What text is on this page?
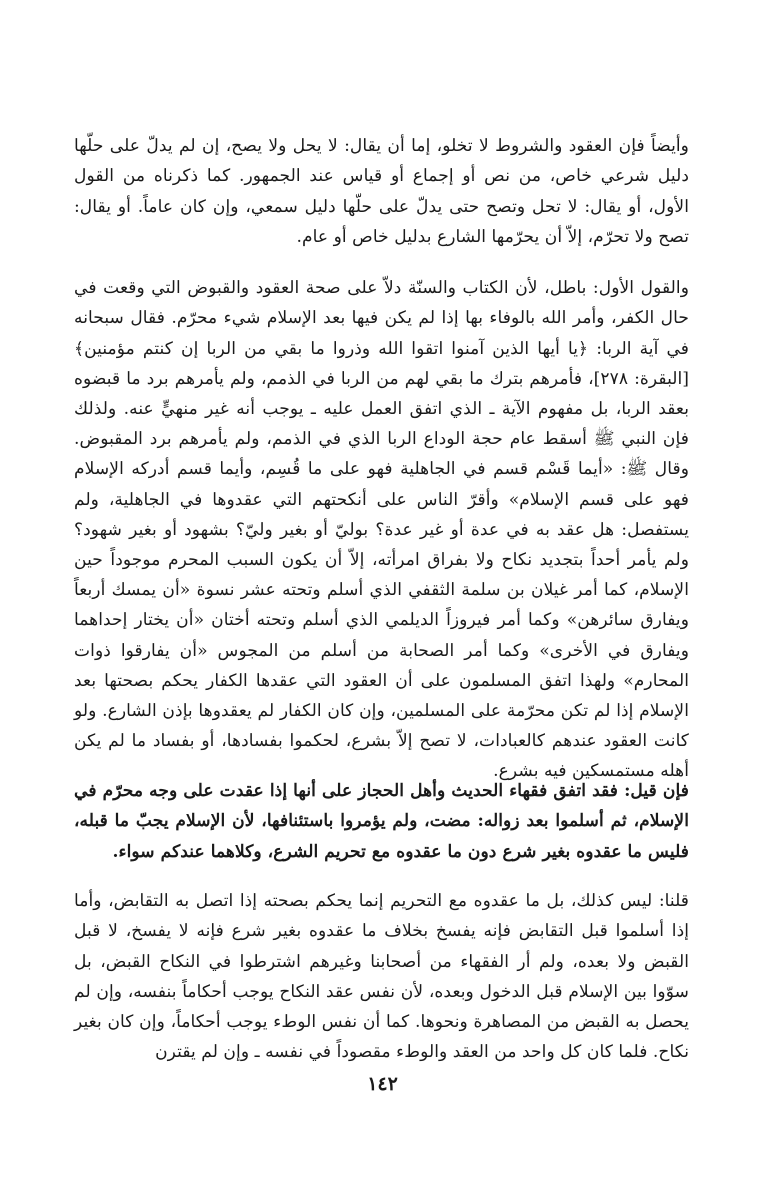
وأيضاً فإن العقود والشروط لا تخلو، إما أن يقال: لا يحل ولا يصح، إن لم يدلّ على حلّها دليل شرعي خاص، من نص أو إجماع أو قياس عند الجمهور. كما ذكرناه من القول الأول، أو يقال: لا تحل وتصح حتى يدلّ على حلّها دليل سمعي، وإن كان عاماً. أو يقال: تصح ولا تحرّم، إلاّ أن يحرّمها الشارع بدليل خاص أو عام.

والقول الأول: باطل، لأن الكتاب والسنّة دلاّ على صحة العقود والقبوض التي وقعت في حال الكفر، وأمر الله بالوفاء بها إذا لم يكن فيها بعد الإسلام شيء محرّم. فقال سبحانه في آية الربا: ﴿يا أيها الذين آمنوا اتقوا الله وذروا ما بقي من الربا إن كنتم مؤمنين﴾ [البقرة: ٢٧٨]، فأمرهم بترك ما بقي لهم من الربا في الذمم، ولم يأمرهم برد ما قبضوه بعقد الربا، بل مفهوم الآية ـ الذي اتفق العمل عليه ـ يوجب أنه غير منهيٍّ عنه. ولذلك فإن النبي ﷺ أسقط عام حجة الوداع الربا الذي في الذمم، ولم يأمرهم برد المقبوض. وقال ﷺ: «أيما قَسْم قسم في الجاهلية فهو على ما قُسِم، وأيما قسم أدركه الإسلام فهو على قسم الإسلام» وأقرّ الناس على أنكحتهم التي عقدوها في الجاهلية، ولم يستفصل: هل عقد به في عدة أو غير عدة؟ بوليّ أو بغير وليّ؟ بشهود أو بغير شهود؟ ولم يأمر أحداً بتجديد نكاح ولا بفراق امرأته، إلاّ أن يكون السبب المحرم موجوداً حين الإسلام، كما أمر غيلان بن سلمة الثقفي الذي أسلم وتحته عشر نسوة «أن يمسك أربعاً ويفارق سائرهن» وكما أمر فيروزاً الديلمي الذي أسلم وتحته أختان «أن يختار إحداهما ويفارق في الأخرى» وكما أمر الصحابة من أسلم من المجوس «أن يفارقوا ذوات المحارم» ولهذا اتفق المسلمون على أن العقود التي عقدها الكفار يحكم بصحتها بعد الإسلام إذا لم تكن محرّمة على المسلمين، وإن كان الكفار لم يعقدوها بإذن الشارع. ولو كانت العقود عندهم كالعبادات، لا تصح إلاّ بشرع، لحكموا بفسادها، أو بفساد ما لم يكن أهله مستمسكين فيه بشرع.

فإن قيل: فقد اتفق فقهاء الحديث وأهل الحجاز على أنها إذا عقدت على وجه محرّم في الإسلام، ثم أسلموا بعد زواله: مضت، ولم يؤمروا باستئنافها، لأن الإسلام يجبّ ما قبله، فليس ما عقدوه بغير شرع دون ما عقدوه مع تحريم الشرع، وكلاهما عندكم سواء.

قلنا: ليس كذلك، بل ما عقدوه مع التحريم إنما يحكم بصحته إذا اتصل به التقابض، وأما إذا أسلموا قبل التقابض فإنه يفسخ بخلاف ما عقدوه بغير شرع فإنه لا يفسخ، لا قبل القبض ولا بعده، ولم أر الفقهاء من أصحابنا وغيرهم اشترطوا في النكاح القبض، بل سوّوا بين الإسلام قبل الدخول وبعده، لأن نفس عقد النكاح يوجب أحكاماً بنفسه، وإن لم يحصل به القبض من المصاهرة ونحوها. كما أن نفس الوطء يوجب أحكاماً، وإن كان بغير نكاح. فلما كان كل واحد من العقد والوطء مقصوداً في نفسه ـ وإن لم يقترن

١٤٢
